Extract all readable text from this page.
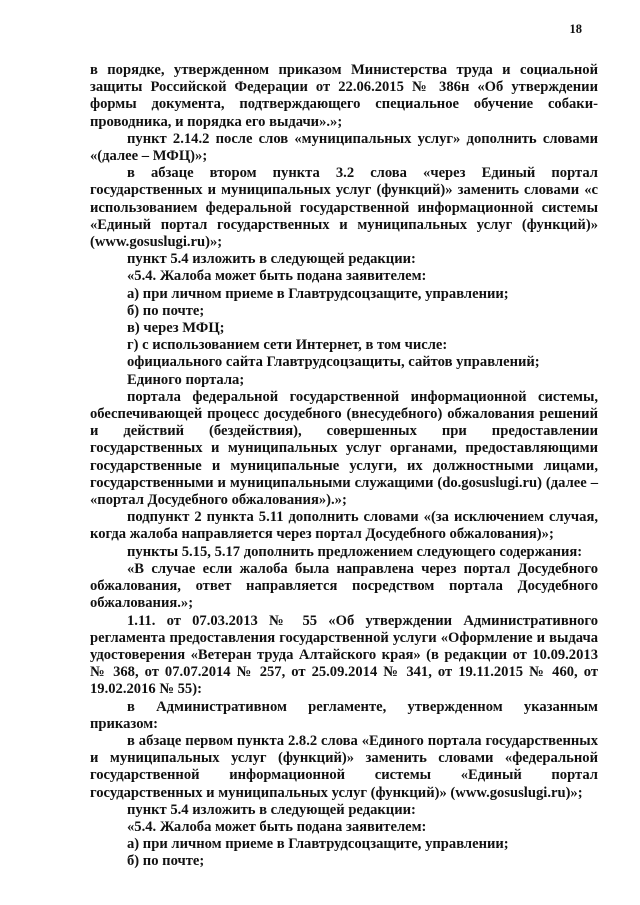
18

в порядке, утвержденном приказом Министерства труда и социальной защиты Российской Федерации от 22.06.2015 № 386н «Об утверждении формы документа, подтверждающего специальное обучение собаки-проводника, и порядка его выдачи».»;

пункт 2.14.2 после слов «муниципальных услуг» дополнить словами «(далее – МФЦ)»;

в абзаце втором пункта 3.2 слова «через Единый портал государственных и муниципальных услуг (функций)» заменить словами «с использованием федеральной государственной информационной системы «Единый портал государственных и муниципальных услуг (функций)» (www.gosuslugi.ru)»;

пункт 5.4 изложить в следующей редакции:

«5.4. Жалоба может быть подана заявителем:

а) при личном приеме в Главтрудсоцзащите, управлении;

б) по почте;

в) через МФЦ;

г) с использованием сети Интернет, в том числе:

официального сайта Главтрудсоцзащиты, сайтов управлений;

Единого портала;

портала федеральной государственной информационной системы, обеспечивающей процесс досудебного (внесудебного) обжалования решений и действий (бездействия), совершенных при предоставлении государственных и муниципальных услуг органами, предоставляющими государственные и муниципальные услуги, их должностными лицами, государственными и муниципальными служащими (do.gosuslugi.ru) (далее – «портал Досудебного обжалования»).»;

подпункт 2 пункта 5.11 дополнить словами «(за исключением случая, когда жалоба направляется через портал Досудебного обжалования)»;

пункты 5.15, 5.17 дополнить предложением следующего содержания:

«В случае если жалоба была направлена через портал Досудебного обжалования, ответ направляется посредством портала Досудебного обжалования.»;

1.11. от 07.03.2013 № 55 «Об утверждении Административного регламента предоставления государственной услуги «Оформление и выдача удостоверения «Ветеран труда Алтайского края» (в редакции от 10.09.2013 № 368, от 07.07.2014 № 257, от 25.09.2014 № 341, от 19.11.2015 № 460, от 19.02.2016 № 55):

в Административном регламенте, утвержденном указанным приказом:

в абзаце первом пункта 2.8.2 слова «Единого портала государственных и муниципальных услуг (функций)» заменить словами «федеральной государственной информационной системы «Единый портал государственных и муниципальных услуг (функций)» (www.gosuslugi.ru)»;

пункт 5.4 изложить в следующей редакции:

«5.4. Жалоба может быть подана заявителем:

а) при личном приеме в Главтрудсоцзащите, управлении;

б) по почте;
